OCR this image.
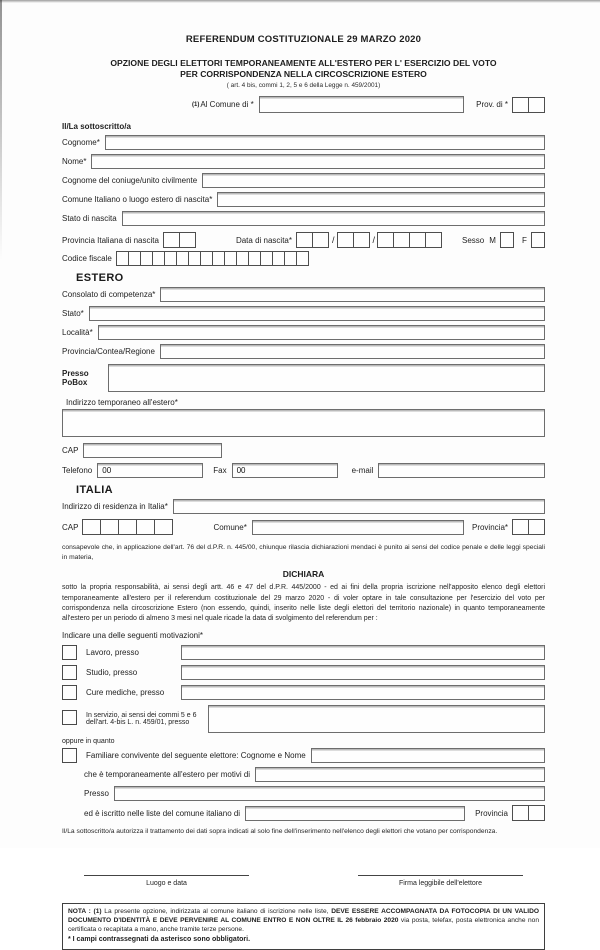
REFERENDUM COSTITUZIONALE 29 MARZO 2020
OPZIONE DEGLI ELETTORI TEMPORANEAMENTE ALL'ESTERO PER L' ESERCIZIO DEL VOTO
PER CORRISPONDENZA NELLA CIRCOSCRIZIONE ESTERO
( art. 4 bis, commi 1, 2, 5 e 6 della Legge n. 459/2001)
(1) Al Comune di *	Prov. di *
Il/La sottoscritto/a
Cognome*
Nome*
Cognome del coniuge/unito civilmente
Comune Italiano o luogo estero di nascita*
Stato di nascita
Provincia Italiana di nascita	Data di nascita*	/	/	Sesso M	F
Codice fiscale
ESTERO
Consolato di competenza*
Stato*
Località*
Provincia/Contea/Regione
Presso
PoBox
Indirizzo temporaneo all'estero*
CAP
Telefono	00	Fax	00	e-mail
ITALIA
Indirizzo di residenza in Italia*
CAP	Comune*	Provincia*

consapevole che, in applicazione dell'art. 76 del d.P.R. n. 445/00, chiunque rilascia dichiarazioni mendaci è punito ai sensi del codice penale e delle leggi speciali in materia,

DICHIARA

sotto la propria responsabilità, ai sensi degli artt. 46 e 47 del d.P.R. 445/2000 - ed ai fini della propria iscrizione nell'apposito elenco degli elettori temporaneamente all'estero per il referendum costituzionale del 29 marzo 2020 - di voler optare in tale consultazione per l'esercizio del voto per corrispondenza nella circoscrizione Estero (non essendo, quindi, inserito nelle liste degli elettori del territorio nazionale) in quanto temporaneamente all'estero per un periodo di almeno 3 mesi nel quale ricade la data di svolgimento del referendum per :

Indicare una delle seguenti motivazioni*
Lavoro, presso
Studio, presso
Cure mediche, presso
In servizio, ai sensi dei commi 5 e 6
dell'art. 4-bis L. n. 459/01, presso
oppure in quanto
Familiare convivente del seguente elettore: Cognome e Nome
che è temporaneamente all'estero per motivi di
Presso
ed è iscritto nelle liste del comune italiano di	Provincia

Il/La sottoscritto/a autorizza il trattamento dei dati sopra indicati al solo fine dell'inserimento nell'elenco degli elettori che votano per corrispondenza.

Luogo e data	Firma leggibile dell'elettore

NOTA : (1) La presente opzione, indirizzata al comune italiano di iscrizione nelle liste, DEVE ESSERE ACCOMPAGNATA DA FOTOCOPIA DI UN VALIDO DOCUMENTO D'IDENTITÀ E DEVE PERVENIRE AL COMUNE ENTRO E NON OLTRE IL 26 febbraio 2020 via posta, telefax, posta elettronica anche non certificata o recapitata a mano, anche tramite terze persone.

* I campi contrassegnati da asterisco sono obbligatori.
